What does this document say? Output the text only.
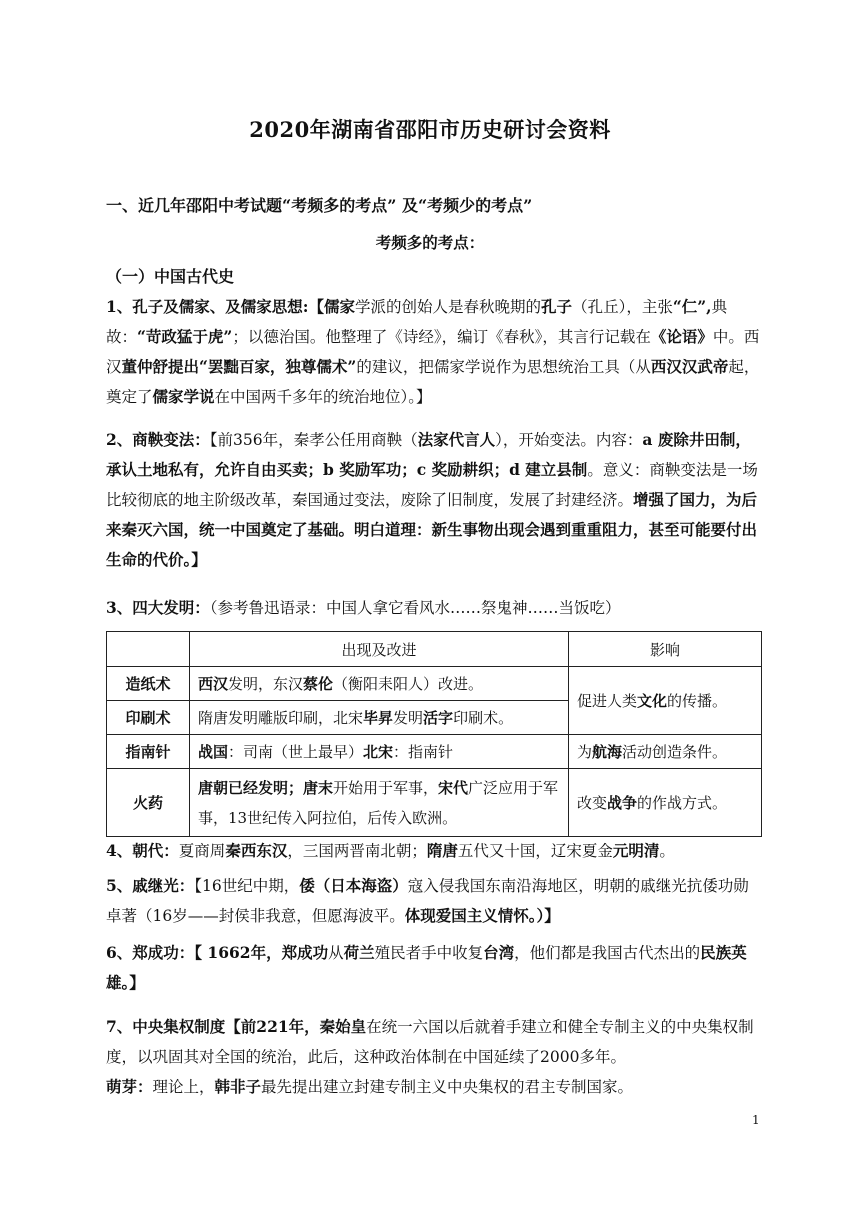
2020年湖南省邵阳市历史研讨会资料
一、近几年邵阳中考试题“考频多的考点” 及“考频少的考点”
考频多的考点：
（一）中国古代史

1、孔子及儒家、及儒家思想:【儒家学派的创始人是春秋晚期的孔子（孔丘），主张“仁”,典故：“苛政猛于虎”；以德治国。他整理了《诗经》，编订《春秋》，其言行记载在《论语》中。西汉董仲舒提出“罢黜百家，独尊儒术”的建议，把儒家学说作为思想统治工具（从西汉汉武帝起，奠定了儒家学说在中国两千多年的统治地位）。】

2、商鞅变法：【前356年，秦孝公任用商鞅（法家代言人），开始变法。内容：a 废除井田制，承认土地私有，允许自由买卖；b 奖励军功；c 奖励耕织；d 建立县制。意义：商鞅变法是一场比较彻底的地主阶级改革，秦国通过变法，废除了旧制度，发展了封建经济。增强了国力，为后来秦灭六国，统一中国奠定了基础。明白道理：新生事物出现会遇到重重阻力，甚至可能要付出生命的代价。】

3、四大发明：（参考鲁迅语录：中国人拿它看风水……祭鬼神……当饭吃）

	出现及改进	影响
造纸术	西汉发明，东汉蔡伦（衡阳耒阳人）改进。	促进人类文化的传播。
印刷术	隋唐发明雕版印刷，北宋毕昇发明活字印刷术。	
指南针	战国：司南（世上最早）北宋：指南针	为航海活动创造条件。
火药	唐朝已经发明；唐末开始用于军事，宋代广泛应用于军事，13世纪传入阿拉伯，后传入欧洲。	改变战争的作战方式。

4、朝代：夏商周秦西东汉，三国两晋南北朝；隋唐五代又十国，辽宋夏金元明清。

5、戚继光：【16世纪中期，倭（日本海盗）寇入侵我国东南沿海地区，明朝的戚继光抗倭功勋卓著（16岁——封侯非我意，但愿海波平。体现爱国主义情怀。）】

6、郑成功：【 1662年，郑成功从荷兰殖民者手中收复台湾，他们都是我国古代杰出的民族英雄。】

7、中央集权制度【前221年，秦始皇在统一六国以后就着手建立和健全专制主义的中央集权制度，以巩固其对全国的统治，此后，这种政治体制在中国延续了2000多年。
萌芽：理论上，韩非子最先提出建立封建专制主义中央集权的君主专制国家。

1
